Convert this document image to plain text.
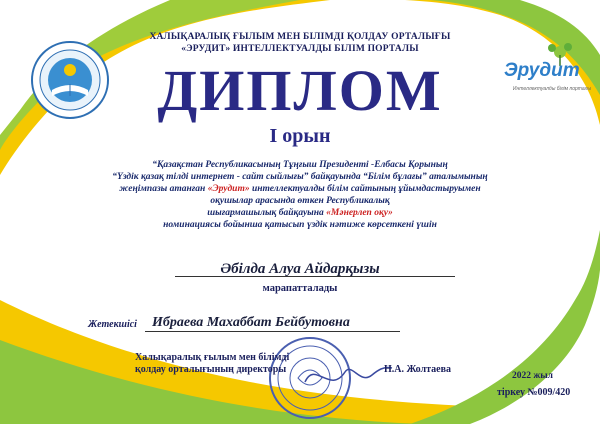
ХАЛЫҚАРАЛЫҚ ҒЫЛЫМ МЕН БІЛІМДІ ҚОЛДАУ ОРТАЛЫҒЫ
«ЭРУДИТ» ИНТЕЛЛЕКТУАЛДЫ БІЛІМ ПОРТАЛЫ
Эрудит
Интеллектуалды білім порталы
ДИПЛОМ
I орын
“Қазақстан Республикасының Тұңғыш Президенті -Елбасы Қорының
“Үздік қазақ тілді интернет - сайт сыйлығы” байқауында “Білім бұлағы” аталымының
жеңімпазы атанған «Эрудит» интеллектуалды білім сайтының ұйымдастыруымен
оқушылар арасында өткен Республикалық
шығармашылық байқауына «Мәнерлеп оқу»
номинациясы бойынша қатысып үздік нәтиже көрсеткені үшін
Әбілда Алуа Айдарқызы
марапатталады
Жетекшісі Ибраева Махаббат Бейбутовна
Халықаралық ғылым мен білімді
қолдау орталығының директоры	Н.А. Жолтаева
2022 жыл
тіркеу №009/420
